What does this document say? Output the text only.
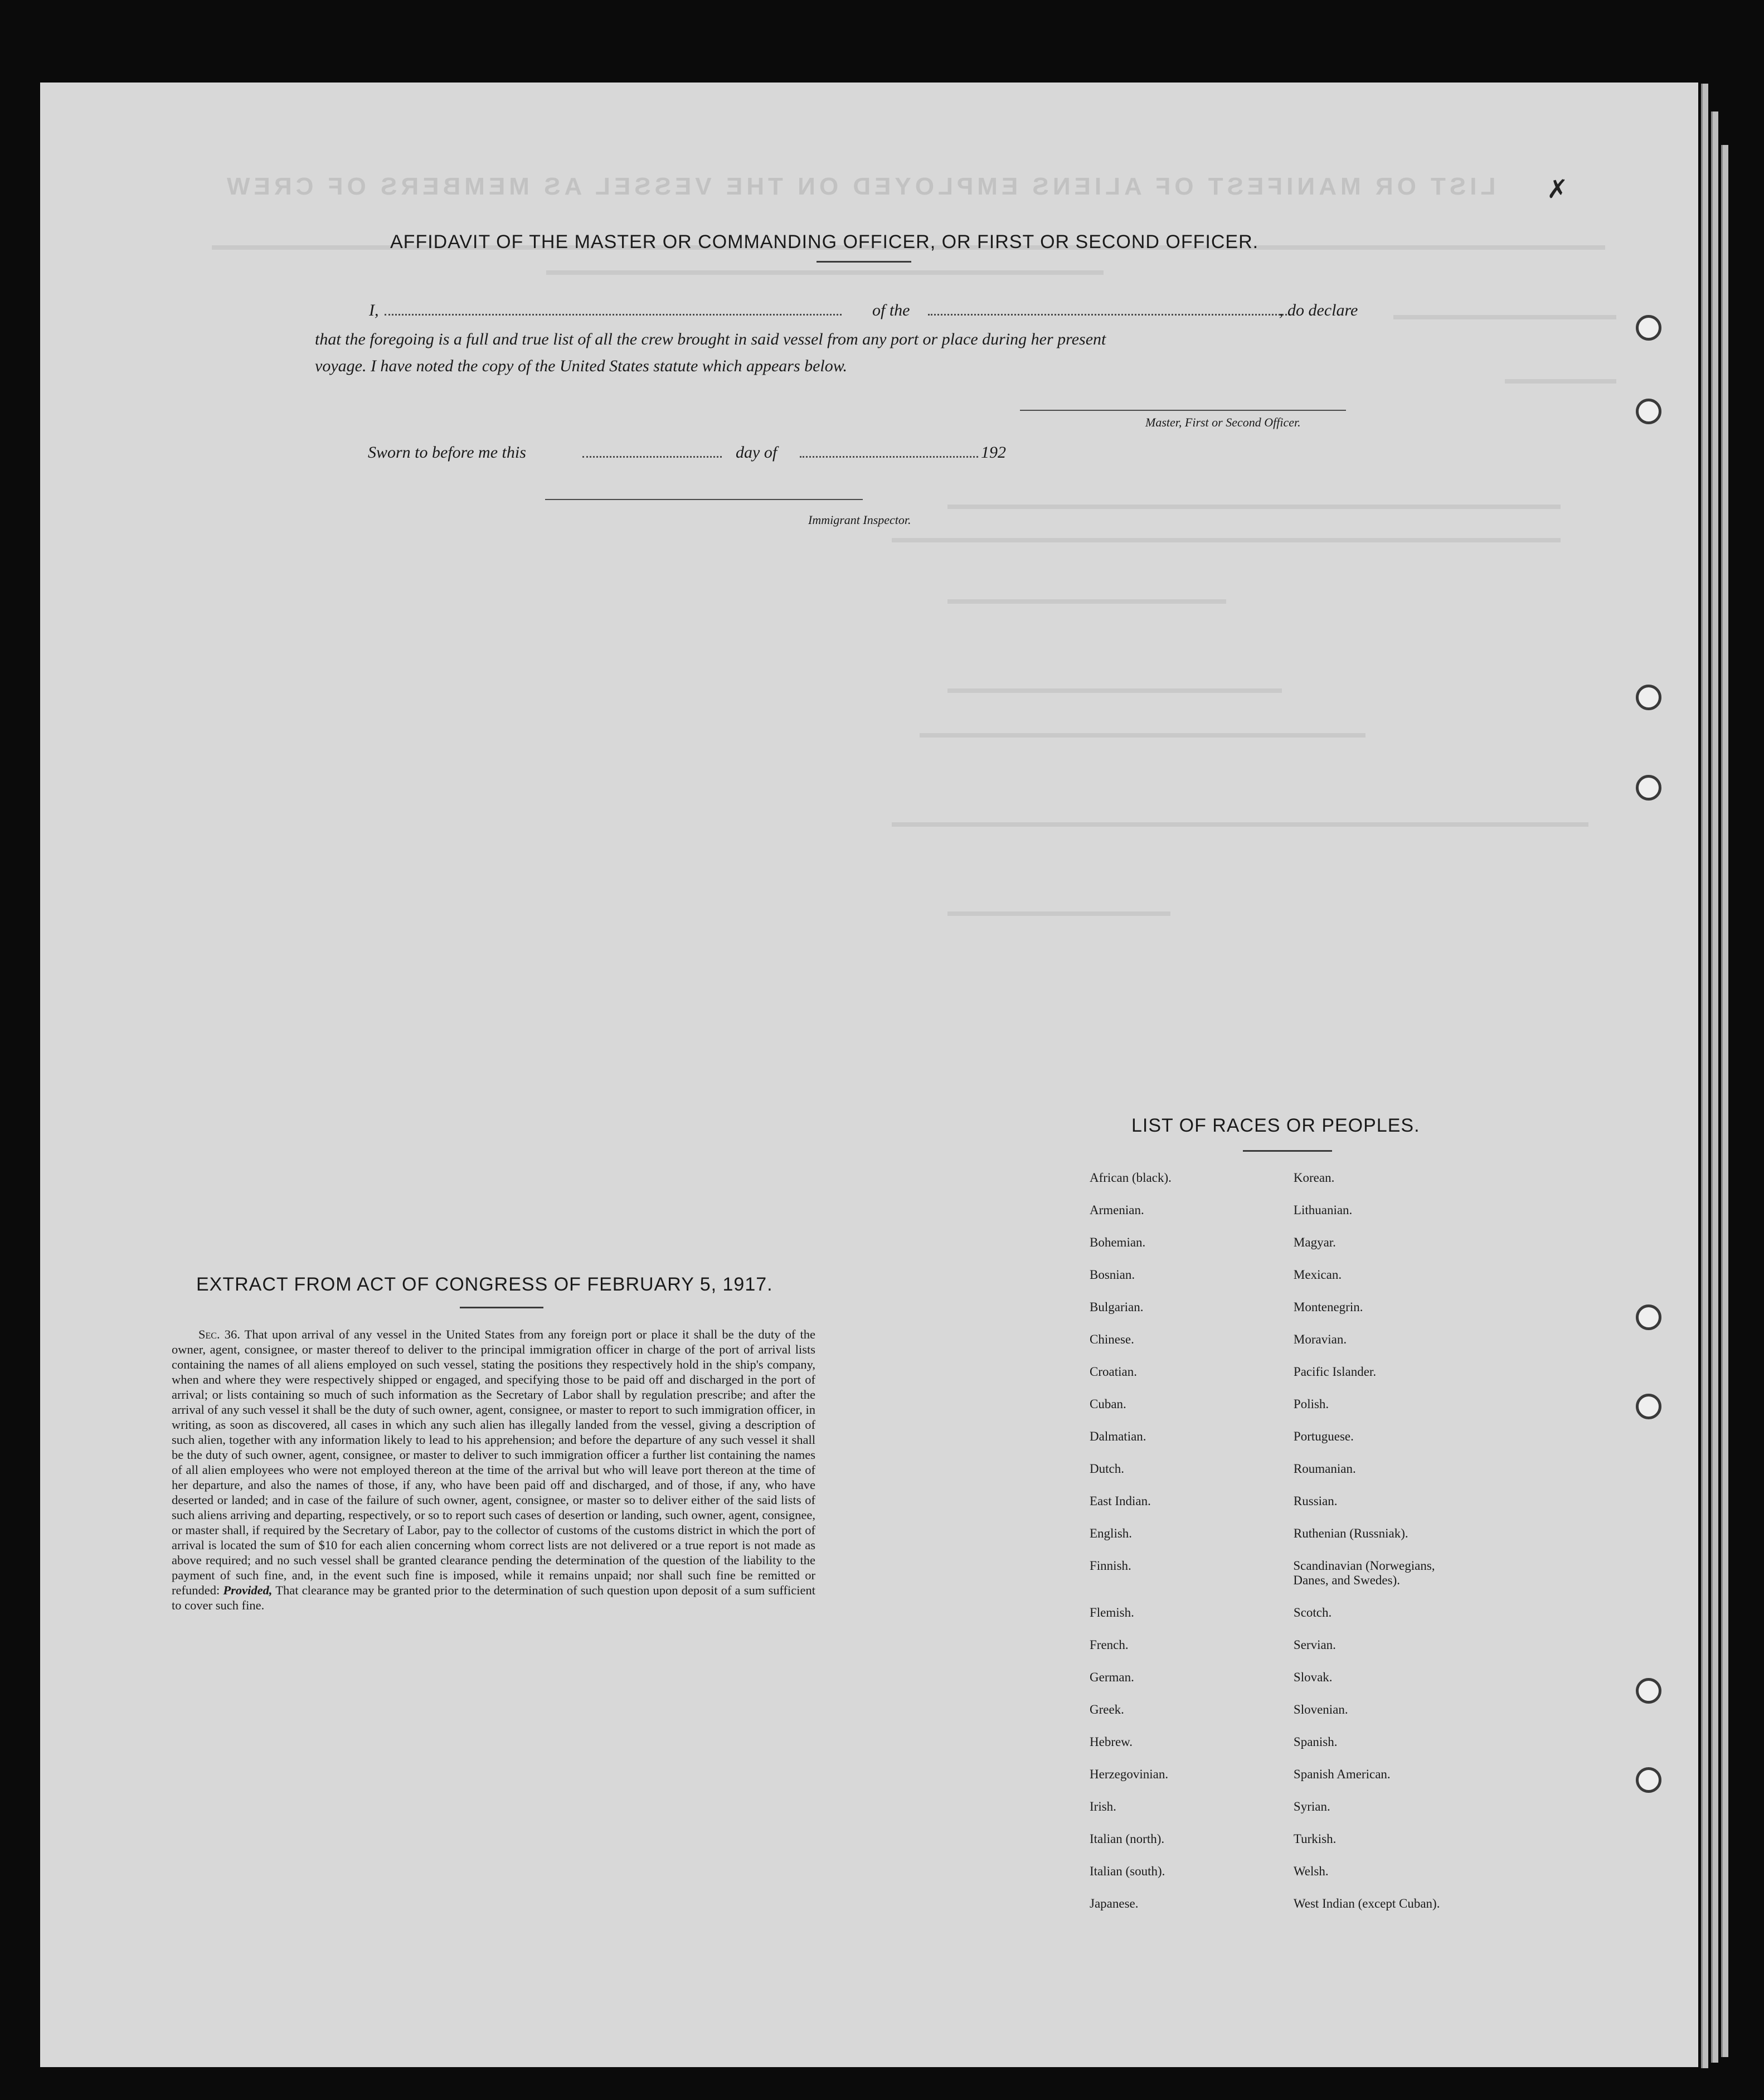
LIST OR MANIFEST OF ALIENS EMPLOYED ON THE VESSEL AS MEMBERS OF CREW ✗
AFFIDAVIT OF THE MASTER OR COMMANDING OFFICER, OR FIRST OR SECOND OFFICER.
I,	of the	, do declare
that the foregoing is a full and true list of all the crew brought in said vessel from any port or place during her present
voyage. I have noted the copy of the United States statute which appears below.
Master, First or Second Officer.
Sworn to before me this	day of	192
Immigrant Inspector.
EXTRACT FROM ACT OF CONGRESS OF FEBRUARY 5, 1917.
Sec. 36. That upon arrival of any vessel in the United States from any foreign port or place it shall be the duty of the owner, agent, consignee, or master thereof to deliver to the principal immigration officer in charge of the port of arrival lists containing the names of all aliens employed on such vessel, stating the positions they respectively hold in the ship's company, when and where they were respectively shipped or engaged, and specifying those to be paid off and discharged in the port of arrival; or lists containing so much of such information as the Secretary of Labor shall by regulation prescribe; and after the arrival of any such vessel it shall be the duty of such owner, agent, consignee, or master to report to such immigration officer, in writing, as soon as discovered, all cases in which any such alien has illegally landed from the vessel, giving a description of such alien, together with any information likely to lead to his apprehension; and before the departure of any such vessel it shall be the duty of such owner, agent, consignee, or master to deliver to such immigration officer a further list containing the names of all alien employees who were not employed thereon at the time of the arrival but who will leave port thereon at the time of her departure, and also the names of those, if any, who have been paid off and discharged, and of those, if any, who have deserted or landed; and in case of the failure of such owner, agent, consignee, or master so to deliver either of the said lists of such aliens arriving and departing, respectively, or so to report such cases of desertion or landing, such owner, agent, consignee, or master shall, if required by the Secretary of Labor, pay to the collector of customs of the customs district in which the port of arrival is located the sum of $10 for each alien concerning whom correct lists are not delivered or a true report is not made as above required; and no such vessel shall be granted clearance pending the determination of the question of the liability to the payment of such fine, and, in the event such fine is imposed, while it remains unpaid; nor shall such fine be remitted or refunded: Provided, That clearance may be granted prior to the determination of such question upon deposit of a sum sufficient to cover such fine.
LIST OF RACES OR PEOPLES.
African (black).	Korean.
Armenian.	Lithuanian.
Bohemian.	Magyar.
Bosnian.	Mexican.
Bulgarian.	Montenegrin.
Chinese.	Moravian.
Croatian.	Pacific Islander.
Cuban.	Polish.
Dalmatian.	Portuguese.
Dutch.	Roumanian.
East Indian.	Russian.
English.	Ruthenian (Russniak).
Finnish.	Scandinavian (Norwegians, Danes, and Swedes).
Flemish.	Scotch.
French.	Servian.
German.	Slovak.
Greek.	Slovenian.
Hebrew.	Spanish.
Herzegovinian.	Spanish American.
Irish.	Syrian.
Italian (north).	Turkish.
Italian (south).	Welsh.
Japanese.	West Indian (except Cuban).
